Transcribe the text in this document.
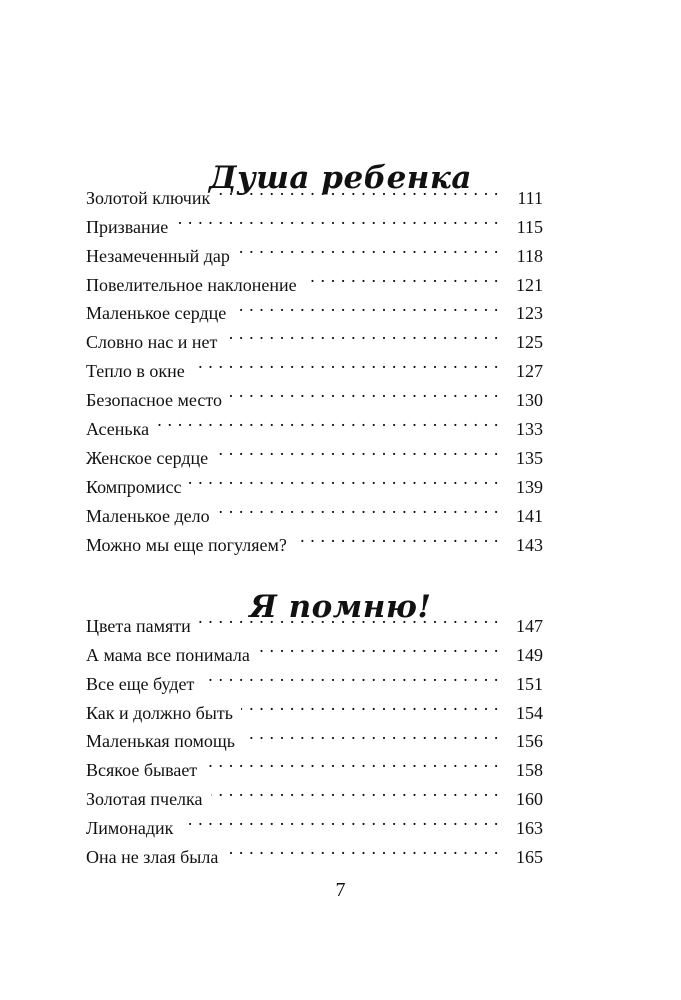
Душа ребенка
Золотой ключик . . .	111
Призвание . . .	115
Незамеченный дар . . .	118
Повелительное наклонение . . .	121
Маленькое сердце . . .	123
Словно нас и нет . . .	125
Тепло в окне . . .	127
Безопасное место . . .	130
Асенька . . .	133
Женское сердце . . .	135
Компромисс . . .	139
Маленькое дело . . .	141
Можно мы еще погуляем? . . .	143
Я помню!
Цвета памяти . . .	147
А мама все понимала . . .	149
Все еще будет . . .	151
Как и должно быть . . .	154
Маленькая помощь . . .	156
Всякое бывает . . .	158
Золотая пчелка . . .	160
Лимонадик . . .	163
Она не злая была . . .	165
7
